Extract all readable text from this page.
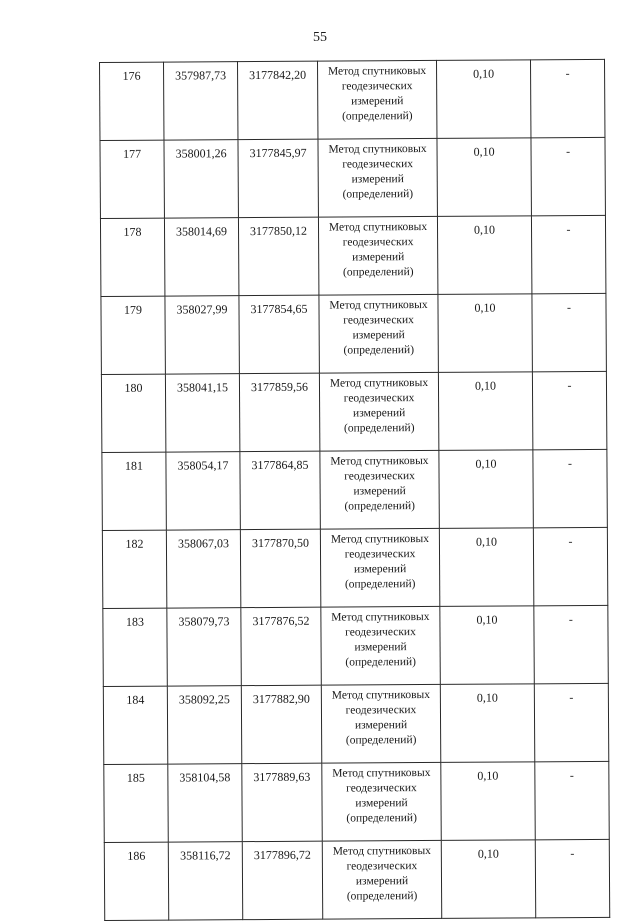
55
176	357987,73	3177842,20	Метод спутниковых геодезических измерений (определений)	0,10	-
177	358001,26	3177845,97	Метод спутниковых геодезических измерений (определений)	0,10	-
178	358014,69	3177850,12	Метод спутниковых геодезических измерений (определений)	0,10	-
179	358027,99	3177854,65	Метод спутниковых геодезических измерений (определений)	0,10	-
180	358041,15	3177859,56	Метод спутниковых геодезических измерений (определений)	0,10	-
181	358054,17	3177864,85	Метод спутниковых геодезических измерений (определений)	0,10	-
182	358067,03	3177870,50	Метод спутниковых геодезических измерений (определений)	0,10	-
183	358079,73	3177876,52	Метод спутниковых геодезических измерений (определений)	0,10	-
184	358092,25	3177882,90	Метод спутниковых геодезических измерений (определений)	0,10	-
185	358104,58	3177889,63	Метод спутниковых геодезических измерений (определений)	0,10	-
186	358116,72	3177896,72	Метод спутниковых геодезических измерений (определений)	0,10	-
